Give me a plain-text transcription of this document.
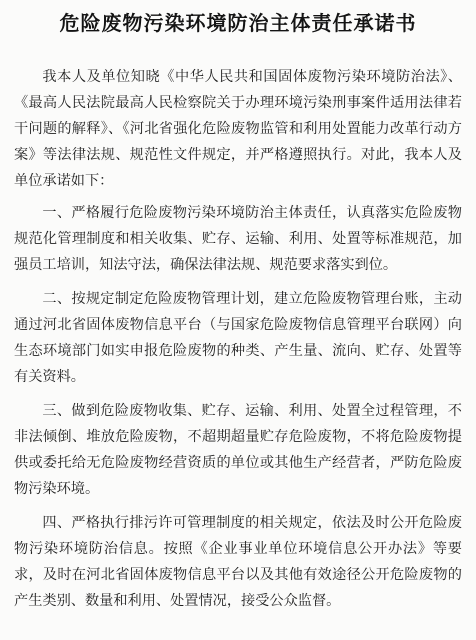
危险废物污染环境防治主体责任承诺书

我本人及单位知晓《中华人民共和国固体废物污染环境防治法》、《最高人民法院最高人民检察院关于办理环境污染刑事案件适用法律若干问题的解释》、《河北省强化危险废物监管和利用处置能力改革行动方案》等法律法规、规范性文件规定，并严格遵照执行。对此，我本人及单位承诺如下：

一、严格履行危险废物污染环境防治主体责任，认真落实危险废物规范化管理制度和相关收集、贮存、运输、利用、处置等标准规范，加强员工培训，知法守法，确保法律法规、规范要求落实到位。

二、按规定制定危险废物管理计划，建立危险废物管理台账，主动通过河北省固体废物信息平台（与国家危险废物信息管理平台联网）向生态环境部门如实申报危险废物的种类、产生量、流向、贮存、处置等有关资料。

三、做到危险废物收集、贮存、运输、利用、处置全过程管理，不非法倾倒、堆放危险废物，不超期超量贮存危险废物，不将危险废物提供或委托给无危险废物经营资质的单位或其他生产经营者，严防危险废物污染环境。

四、严格执行排污许可管理制度的相关规定，依法及时公开危险废物污染环境防治信息。按照《企业事业单位环境信息公开办法》等要求，及时在河北省固体废物信息平台以及其他有效途径公开危险废物的产生类别、数量和利用、处置情况，接受公众监督。
